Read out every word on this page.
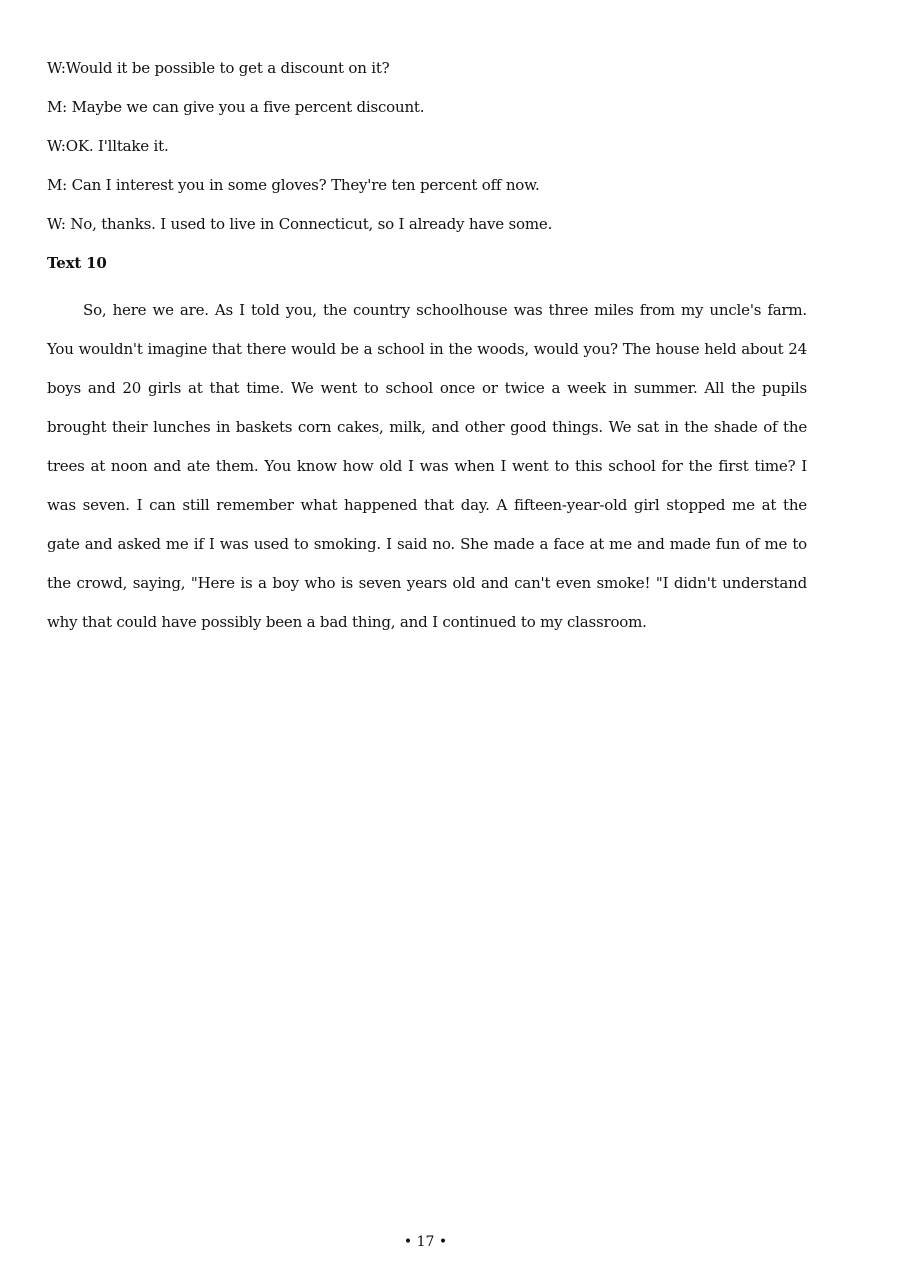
W:Would it be possible to get a discount on it?
M: Maybe we can give you a five percent discount.
W:OK. I'lltake it.
M: Can I interest you in some gloves? They're ten percent off now.
W: No, thanks. I used to live in Connecticut, so I already have some.
Text 10

So, here we are. As I told you, the country schoolhouse was three miles from my uncle's farm. You wouldn't imagine that there would be a school in the woods, would you? The house held about 24 boys and 20 girls at that time. We went to school once or twice a week in summer. All the pupils brought their lunches in baskets corn cakes, milk, and other good things. We sat in the shade of the trees at noon and ate them. You know how old I was when I went to this school for the first time? I was seven. I can still remember what happened that day. A fifteen-year-old girl stopped me at the gate and asked me if I was used to smoking. I said no. She made a face at me and made fun of me to the crowd, saying, "Here is a boy who is seven years old and can't even smoke! "I didn't understand why that could have possibly been a bad thing, and I continued to my classroom.

• 17 •
